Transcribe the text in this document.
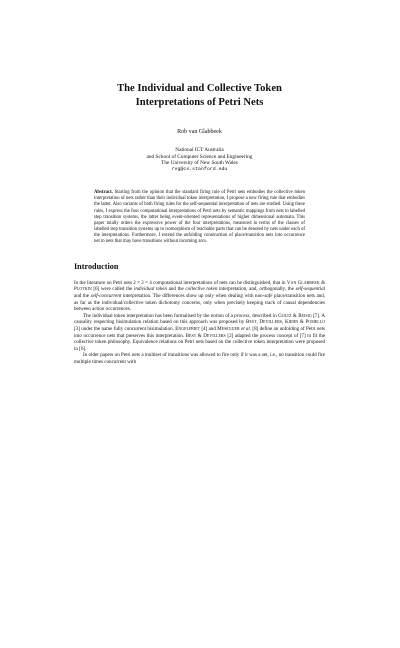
The Individual and Collective Token
Interpretations of Petri Nets
Rob van Glabbeek
National ICT Australia
and School of Computer Science and Engineering
The University of New South Wales
rvg@cs.stanford.edu
Abstract. Starting from the opinion that the standard firing rule of Petri nets embodies the collective token interpretation of nets rather than their individual token interpretation, I propose a new firing rule that embodies the latter. Also variants of both firing rules for the self-sequential interpretation of nets are studied. Using these rules, I express the four computational interpretations of Petri nets by semantic mappings from nets to labelled step transition systems, the latter being event-oriented representations of higher dimensional automata. This paper totally orders the expressive power of the four interpretations, measured in terms of the classes of labelled step transition systems up to isomorphism of reachable parts that can be denoted by nets under each of the interpretations. Furthermore, I extend the unfolding construction of place/transition nets into occurrence net to nets that may have transitions without incoming arcs.
Introduction

In the literature on Petri nets 2 × 2 = 4 computational interpretations of nets can be distinguished, that in Van Glabbeek & Plotkin [6] were called the individual token and the collective token interpretation, and, orthogonally, the self-sequential and the self-concurrent interpretation. The differences show up only when dealing with non-safe place/transition nets and, as far as the individual/collective token dichotomy concerns, only when precisely keeping track of causal dependencies between action occurrences.

The individual token interpretation has been formalised by the notion of a process, described in Goltz & Reisig [7]. A causality respecting bisimulation relation based on this approach was proposed by Best, Devillers, Kiehn & Pomello [3] under the name fully concurrent bisimulation. Engelfriet [4] and Meseguer et al. [8] define an unfolding of Petri nets into occurrence nets that preserves this interpretation. Best & Devillers [2] adapted the process concept of [7] to fit the collective token philosophy. Equivalence relations on Petri nets based on the collective token interpretation were proposed in [6].

In older papers on Petri nets a multiset of transitions was allowed to fire only if it was a set, i.e., no transition could fire multiple times concurrent with
